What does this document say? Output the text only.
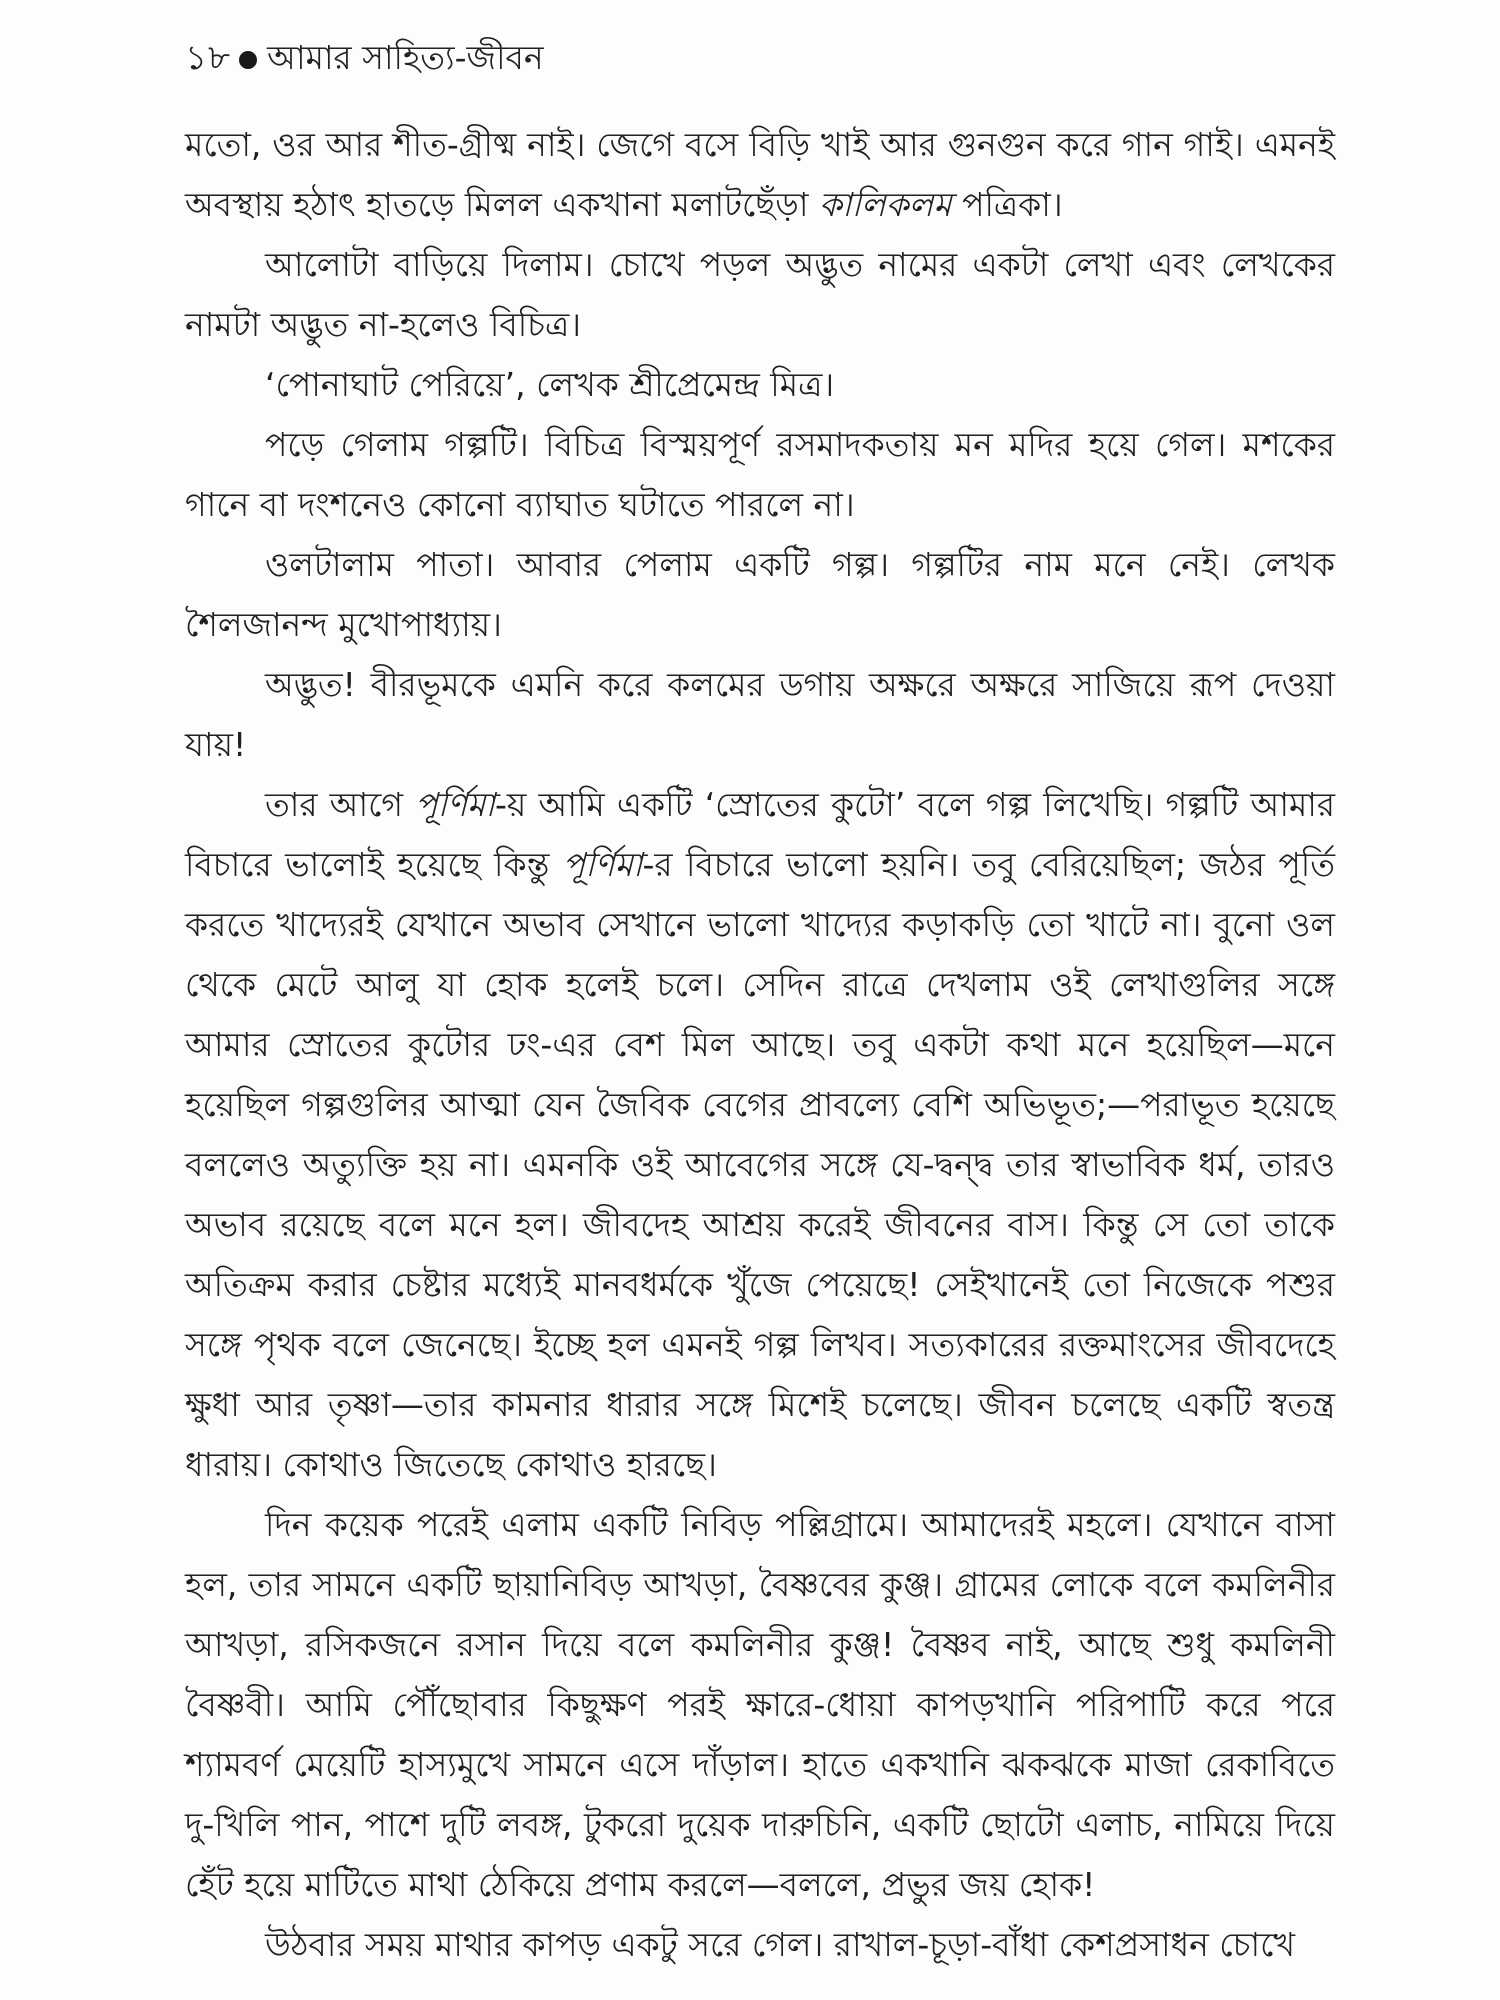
১৮ আমার সাহিত্য-জীবন

মতো, ওর আর শীত-গ্রীষ্ম নাই। জেগে বসে বিড়ি খাই আর গুনগুন করে গান গাই। এমনই অবস্থায় হঠাৎ হাতড়ে মিলল একখানা মলাটছেঁড়া কালিকলম পত্রিকা।

আলোটা বাড়িয়ে দিলাম। চোখে পড়ল অদ্ভুত নামের একটা লেখা এবং লেখকের নামটা অদ্ভুত না-হলেও বিচিত্র।

‘পোনাঘাট পেরিয়ে’, লেখক শ্রীপ্রেমেন্দ্র মিত্র।

পড়ে গেলাম গল্পটি। বিচিত্র বিস্ময়পূর্ণ রসমাদকতায় মন মদির হয়ে গেল। মশকের গানে বা দংশনেও কোনো ব্যাঘাত ঘটাতে পারলে না।

ওলটালাম পাতা। আবার পেলাম একটি গল্প। গল্পটির নাম মনে নেই। লেখক শৈলজানন্দ মুখোপাধ্যায়।

অদ্ভুত! বীরভূমকে এমনি করে কলমের ডগায় অক্ষরে অক্ষরে সাজিয়ে রূপ দেওয়া যায়!

তার আগে পূর্ণিমা-য় আমি একটি ‘স্রোতের কুটো’ বলে গল্প লিখেছি। গল্পটি আমার বিচারে ভালোই হয়েছে কিন্তু পূর্ণিমা-র বিচারে ভালো হয়নি। তবু বেরিয়েছিল; জঠর পূর্তি করতে খাদ্যেরই যেখানে অভাব সেখানে ভালো খাদ্যের কড়াকড়ি তো খাটে না। বুনো ওল থেকে মেটে আলু যা হোক হলেই চলে। সেদিন রাত্রে দেখলাম ওই লেখাগুলির সঙ্গে আমার স্রোতের কুটোর ঢং-এর বেশ মিল আছে। তবু একটা কথা মনে হয়েছিল—মনে হয়েছিল গল্পগুলির আত্মা যেন জৈবিক বেগের প্রাবল্যে বেশি অভিভূত;—পরাভূত হয়েছে বললেও অত্যুক্তি হয় না। এমনকি ওই আবেগের সঙ্গে যে-দ্বন্দ্ব তার স্বাভাবিক ধর্ম, তারও অভাব রয়েছে বলে মনে হল। জীবদেহ আশ্রয় করেই জীবনের বাস। কিন্তু সে তো তাকে অতিক্রম করার চেষ্টার মধ্যেই মানবধর্মকে খুঁজে পেয়েছে! সেইখানেই তো নিজেকে পশুর সঙ্গে পৃথক বলে জেনেছে। ইচ্ছে হল এমনই গল্প লিখব। সত্যকারের রক্তমাংসের জীবদেহে ক্ষুধা আর তৃষ্ণা—তার কামনার ধারার সঙ্গে মিশেই চলেছে। জীবন চলেছে একটি স্বতন্ত্র ধারায়। কোথাও জিতেছে কোথাও হারছে।

দিন কয়েক পরেই এলাম একটি নিবিড় পল্লিগ্রামে। আমাদেরই মহলে। যেখানে বাসা হল, তার সামনে একটি ছায়ানিবিড় আখড়া, বৈষ্ণবের কুঞ্জ। গ্রামের লোকে বলে কমলিনীর আখড়া, রসিকজনে রসান দিয়ে বলে কমলিনীর কুঞ্জ! বৈষ্ণব নাই, আছে শুধু কমলিনী বৈষ্ণবী। আমি পৌঁছোবার কিছুক্ষণ পরই ক্ষারে-ধোয়া কাপড়খানি পরিপাটি করে পরে শ্যামবর্ণ মেয়েটি হাস্যমুখে সামনে এসে দাঁড়াল। হাতে একখানি ঝকঝকে মাজা রেকাবিতে দু-খিলি পান, পাশে দুটি লবঙ্গ, টুকরো দুয়েক দারুচিনি, একটি ছোটো এলাচ, নামিয়ে দিয়ে হেঁট হয়ে মাটিতে মাথা ঠেকিয়ে প্রণাম করলে—বললে, প্রভুর জয় হোক!

উঠবার সময় মাথার কাপড় একটু সরে গেল। রাখাল-চূড়া-বাঁধা কেশপ্রসাধন চোখে
